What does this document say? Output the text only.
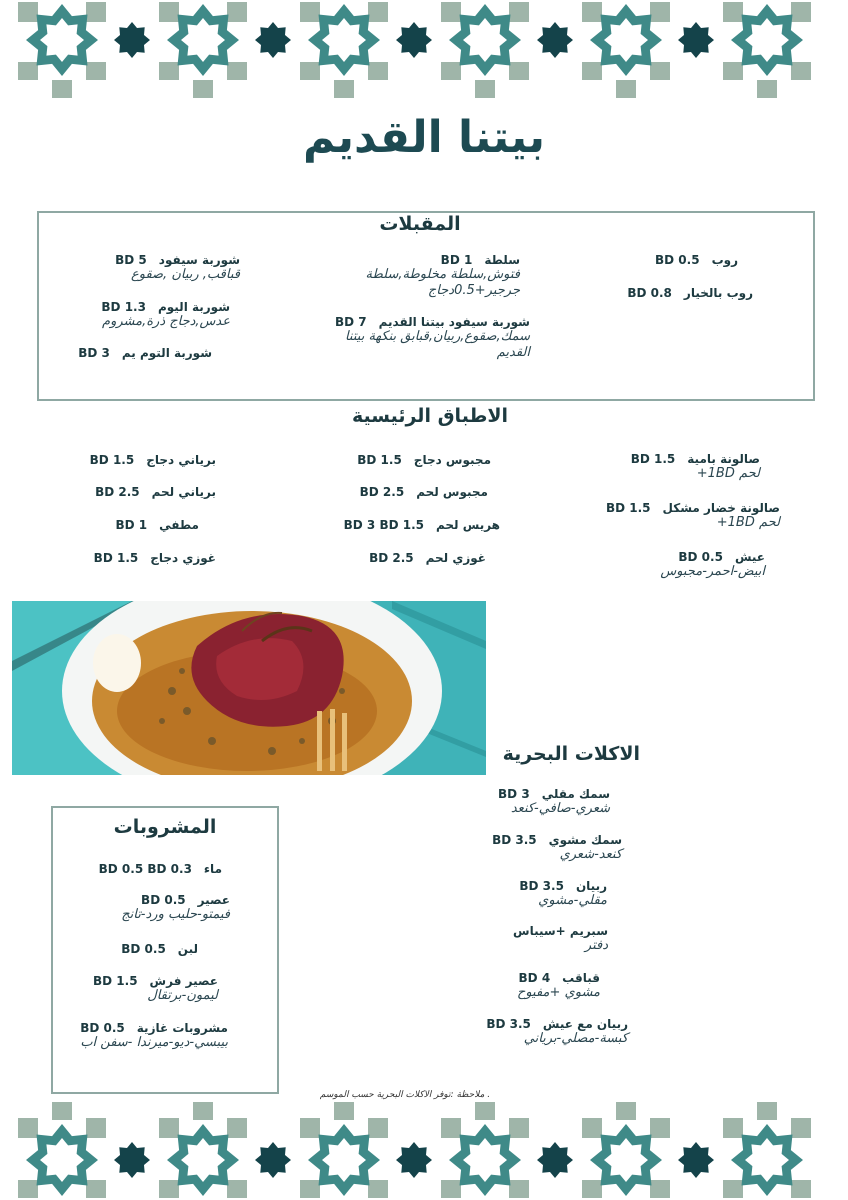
بيتنا القديم
المقبلات
روب0.5 BD
روب بالخيار0.8 BD
سلطة1 BD
فتوش,سلطة مخلوطة,سلطة
جرجير+0.5دجاج
شوربة سيفود بيتنا القديم7 BD
سمك,صقوع,ربيان,قبابق بنكهة بيتنا
القديم
شوربة سيفود5 BD
قباقب, ربيان ,صقوع
شوربة اليوم1.3 BD
عدس,دجاج ذرة,مشروم
شوربة التوم يم3 BD
الاطباق الرئيسية
صالونة بامية1.5 BD
لحم 1BD+
صالونة خضار مشكل1.5 BD
لحم 1BD+
عيش0.5 BD
ابيض-احمر-مجبوس
مجبوس دجاج1.5 BD
مجبوس لحم2.5 BD
هريس لحم1.5 BD 3 BD
غوزي لحم2.5 BD
برياني دجاج1.5 BD
برياني لحم2.5 BD
مطفي1 BD
غوزي دجاج1.5 BD
الاكلات البحرية
سمك مقلي3 BD
شعري-صافي-كنعد
سمك مشوي3.5 BD
كنعد-شعري
ربيان3.5 BD
مقلي-مشوي
سبريم +سيباس
دفتر
قباقب4 BD
مشوي +مفيوح
ربيان مع عيش3.5 BD
كبسة-مصلي-برياني
المشروبات
ماء0.3 BD 0.5 BD
عصير0.5 BD
فيمتو-حليب ورد-تانج
لبن0.5 BD
عصير فرش1.5 BD
ليمون-برتقال
مشروبات غازية0.5 BD
بيبسي-ديو-ميرندا -سفن اب
. ملاحظة :توفر الاكلات البحرية حسب الموسم
